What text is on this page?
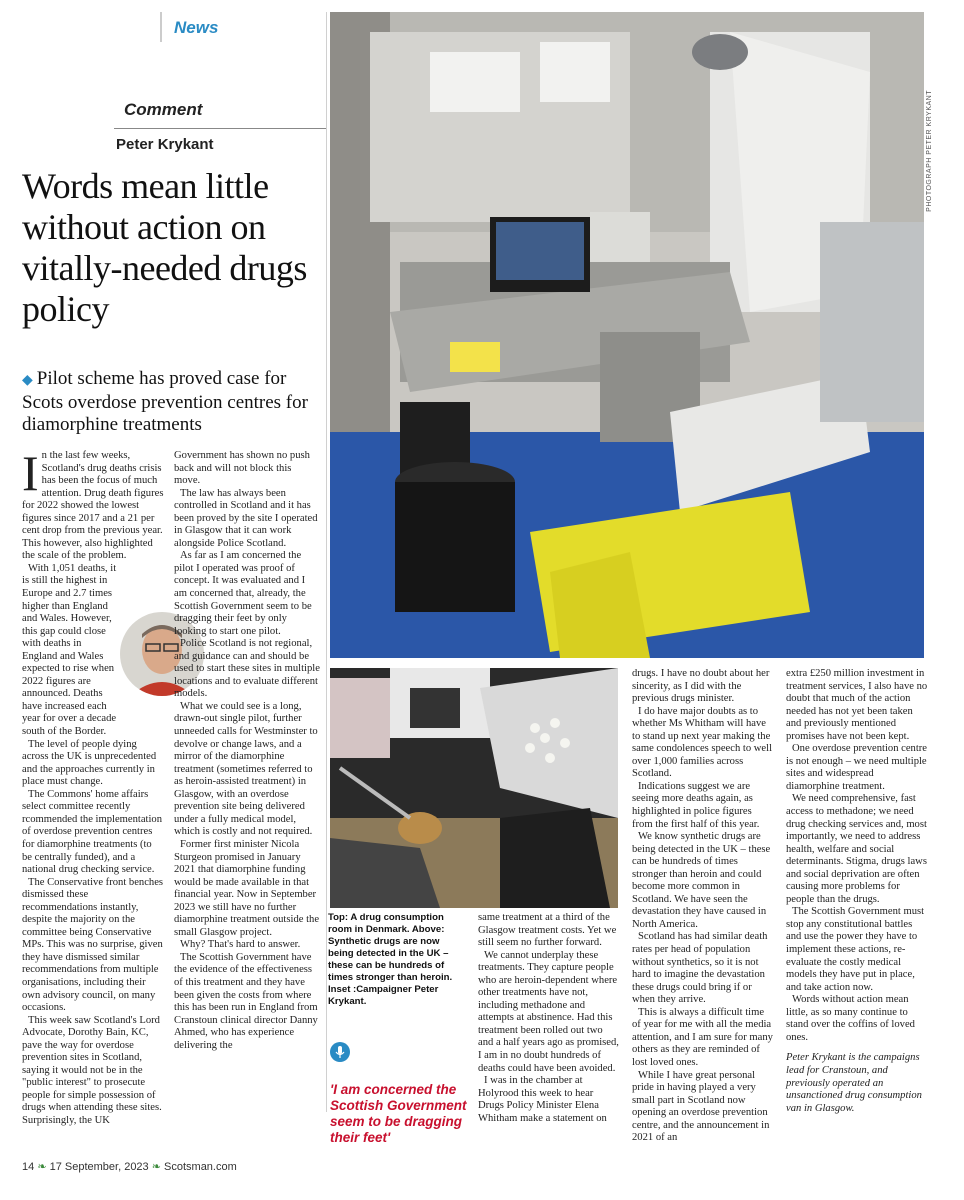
News
Comment
Peter Krykant
Words mean little without action on vitally-needed drugs policy
◆ Pilot scheme has proved case for Scots overdose prevention centres for diamorphine treatments
PHOTOGRAPH PETER KRYKANT
Top: A drug consumption room in Denmark. Above: Synthetic drugs are now being detected in the UK – these can be hundreds of times stronger than heroin. Inset :Campaigner Peter Krykant.
'I am concerned the Scottish Government seem to be dragging their feet'

In the last few weeks, Scotland's drug deaths crisis has been the focus of much attention. Drug death figures for 2022 showed the lowest figures since 2017 and a 21 per cent drop from the previous year. This however, also highlighted the scale of the problem.

With 1,051 deaths, it is still the highest in Europe and 2.7 times higher than England and Wales. However, this gap could close with deaths in England and Wales expected to rise when 2022 figures are announced. Deaths have increased each year for over a decade south of the Border.

The level of people dying across the UK is unprecedented and the approaches currently in place must change.

The Commons' home affairs select committee recently rcommended the implementation of overdose prevention centres for diamorphine treatments (to be centrally funded), and a national drug checking service.

The Conservative front benches dismissed these recommendations instantly, despite the majority on the committee being Conservative MPs. This was no surprise, given they have dismissed similar recommendations from multiple organisations, including their own advisory council, on many occasions.

This week saw Scotland's Lord Advocate, Dorothy Bain, KC, pave the way for overdose prevention sites in Scotland, saying it would not be in the "public interest" to prosecute people for simple possession of drugs when attending these sites. Surprisingly, the UK

Government has shown no push back and will not block this move.

The law has always been controlled in Scotland and it has been proved by the site I operated in Glasgow that it can work alongside Police Scotland.

As far as I am concerned the pilot I operated was proof of concept. It was evaluated and I am concerned that, already, the Scottish Government seem to be dragging their feet by only looking to start one pilot.

Police Scotland is not regional, and guidance can and should be used to start these sites in multiple locations and to evaluate different models.

What we could see is a long, drawn-out single pilot, further unneeded calls for Westminster to devolve or change laws, and a mirror of the diamorphine treatment (sometimes referred to as heroin-assisted treatment) in Glasgow, with an overdose prevention site being delivered under a fully medical model, which is costly and not required.

Former first minister Nicola Sturgeon promised in January 2021 that diamorphine funding would be made available in that financial year. Now in September 2023 we still have no further diamorphine treatment outside the small Glasgow project.

Why? That's hard to answer.

The Scottish Government have the evidence of the effectiveness of this treatment and they have been given the costs from where this has been run in England from Cranstoun clinical director Danny Ahmed, who has experience delivering the

same treatment at a third of the Glasgow treatment costs. Yet we still seem no further forward.

We cannot underplay these treatments. They capture people who are heroin-dependent where other treatments have not, including methadone and attempts at abstinence. Had this treatment been rolled out two and a half years ago as promised, I am in no doubt hundreds of deaths could have been avoided.

I was in the chamber at Holyrood this week to hear Drugs Policy Minister Elena Whitham make a statement on

drugs. I have no doubt about her sincerity, as I did with the previous drugs minister.

I do have major doubts as to whether Ms Whitham will have to stand up next year making the same condolences speech to well over 1,000 families across Scotland.

Indications suggest we are seeing more deaths again, as highlighted in police figures from the first half of this year.

We know synthetic drugs are being detected in the UK – these can be hundreds of times stronger than heroin and could become more common in Scotland. We have seen the devastation they have caused in North America.

Scotland has had similar death rates per head of population without synthetics, so it is not hard to imagine the devastation these drugs could bring if or when they arrive.

This is always a difficult time of year for me with all the media attention, and I am sure for many others as they are reminded of lost loved ones.

While I have great personal pride in having played a very small part in Scotland now opening an overdose prevention centre, and the announcement in 2021 of an

extra £250 million investment in treatment services, I also have no doubt that much of the action needed has not yet been taken and previously mentioned promises have not been kept.

One overdose prevention centre is not enough – we need multiple sites and widespread diamorphine treatment.

We need comprehensive, fast access to methadone; we need drug checking services and, most importantly, we need to address health, welfare and social determinants. Stigma, drugs laws and social deprivation are often causing more problems for people than the drugs.

The Scottish Government must stop any constitutional battles and use the power they have to implement these actions, re-evaluate the costly medical models they have put in place, and take action now.

Words without action mean little, as so many continue to stand over the coffins of loved ones.

Peter Krykant is the campaigns lead for Cranstoun, and previously operated an unsanctioned drug consumption van in Glasgow.

14 ❧ 17 September, 2023 ❧ Scotsman.com
